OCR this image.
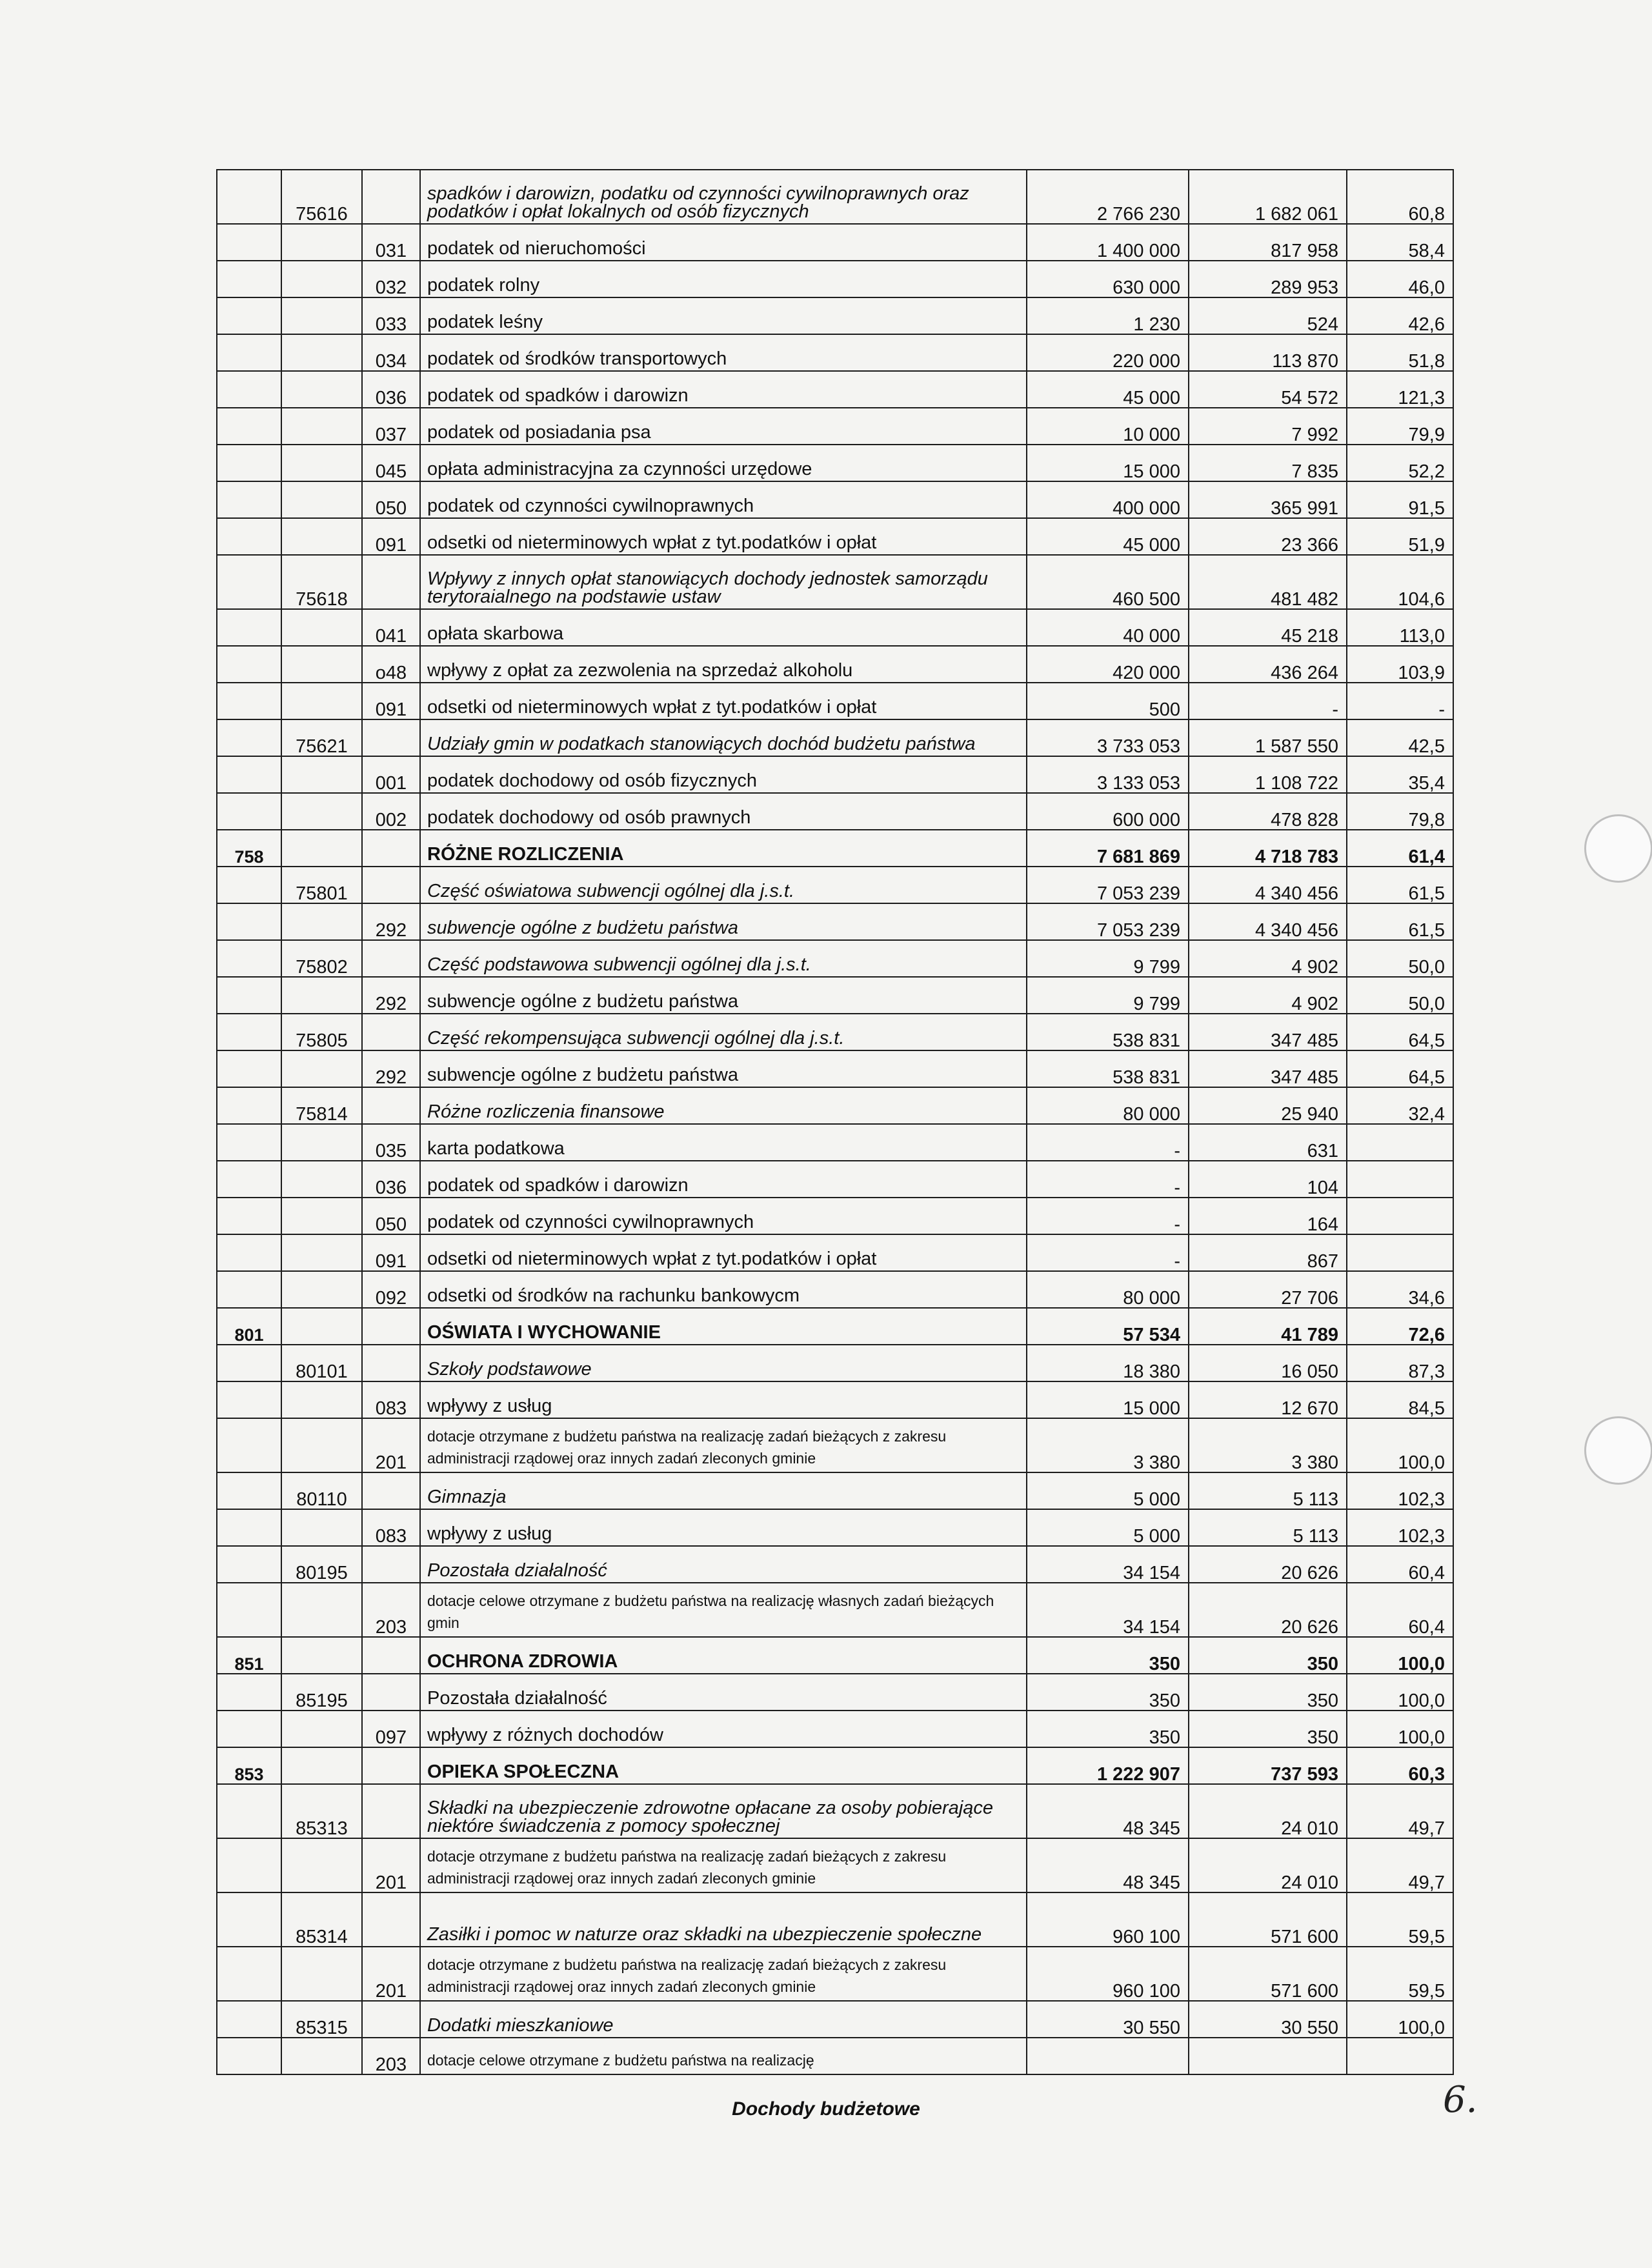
	75616		spadków i darowizn, podatku od czynności cywilnoprawnych oraz podatków i opłat lokalnych od osób fizycznych	2 766 230	1 682 061	60,8
		031	podatek od nieruchomości	1 400 000	817 958	58,4
		032	podatek rolny	630 000	289 953	46,0
		033	podatek leśny	1 230	524	42,6
		034	podatek od środków transportowych	220 000	113 870	51,8
		036	podatek od spadków i darowizn	45 000	54 572	121,3
		037	podatek od posiadania psa	10 000	7 992	79,9
		045	opłata administracyjna za czynności urzędowe	15 000	7 835	52,2
		050	podatek od czynności cywilnoprawnych	400 000	365 991	91,5
		091	odsetki od nieterminowych wpłat z tyt.podatków i opłat	45 000	23 366	51,9
	75618		Wpływy z innych opłat stanowiących dochody jednostek samorządu terytoraialnego na podstawie ustaw	460 500	481 482	104,6
		041	opłata skarbowa	40 000	45 218	113,0
		o48	wpływy z opłat za zezwolenia na sprzedaż alkoholu	420 000	436 264	103,9
		091	odsetki od nieterminowych wpłat z tyt.podatków i opłat	500	-	-
	75621		Udziały gmin w podatkach stanowiących dochód budżetu państwa	3 733 053	1 587 550	42,5
		001	podatek dochodowy od osób fizycznych	3 133 053	1 108 722	35,4
		002	podatek dochodowy od osób prawnych	600 000	478 828	79,8
758			RÓŻNE ROZLICZENIA	7 681 869	4 718 783	61,4
	75801		Część oświatowa subwencji ogólnej dla j.s.t.	7 053 239	4 340 456	61,5
		292	subwencje ogólne z budżetu państwa	7 053 239	4 340 456	61,5
	75802		Część podstawowa subwencji ogólnej dla j.s.t.	9 799	4 902	50,0
		292	subwencje ogólne z budżetu państwa	9 799	4 902	50,0
	75805		Część rekompensująca subwencji ogólnej dla j.s.t.	538 831	347 485	64,5
		292	subwencje ogólne z budżetu państwa	538 831	347 485	64,5
	75814		Różne rozliczenia finansowe	80 000	25 940	32,4
		035	karta podatkowa	-	631	
		036	podatek od spadków i darowizn	-	104	
		050	podatek od czynności cywilnoprawnych	-	164	
		091	odsetki od nieterminowych wpłat z tyt.podatków i opłat	-	867	
		092	odsetki od środków na rachunku bankowycm	80 000	27 706	34,6
801			OŚWIATA I WYCHOWANIE	57 534	41 789	72,6
	80101		Szkoły podstawowe	18 380	16 050	87,3
		083	wpływy z usług	15 000	12 670	84,5
		201	dotacje otrzymane z budżetu państwa na realizację zadań bieżących z zakresu administracji rządowej oraz innych zadań zleconych gminie	3 380	3 380	100,0
	80110		Gimnazja	5 000	5 113	102,3
		083	wpływy z usług	5 000	5 113	102,3
	80195		Pozostała działalność	34 154	20 626	60,4
		203	dotacje celowe otrzymane z budżetu państwa na realizację własnych zadań bieżących gmin	34 154	20 626	60,4
851			OCHRONA ZDROWIA	350	350	100,0
	85195		Pozostała działalność	350	350	100,0
		097	wpływy z różnych dochodów	350	350	100,0
853			OPIEKA SPOŁECZNA	1 222 907	737 593	60,3
	85313		Składki na ubezpieczenie zdrowotne opłacane za osoby pobierające niektóre świadczenia z pomocy społecznej	48 345	24 010	49,7
		201	dotacje otrzymane z budżetu państwa na realizację zadań bieżących z zakresu administracji rządowej oraz innych zadań zleconych gminie	48 345	24 010	49,7
	85314		Zasiłki i pomoc w naturze oraz składki na ubezpieczenie społeczne	960 100	571 600	59,5
		201	dotacje otrzymane z budżetu państwa na realizację zadań bieżących z zakresu administracji rządowej oraz innych zadań zleconych gminie	960 100	571 600	59,5
	85315		Dodatki mieszkaniowe	30 550	30 550	100,0
		203	dotacje celowe otrzymane z budżetu państwa na realizację			
Dochody budżetowe	6.
